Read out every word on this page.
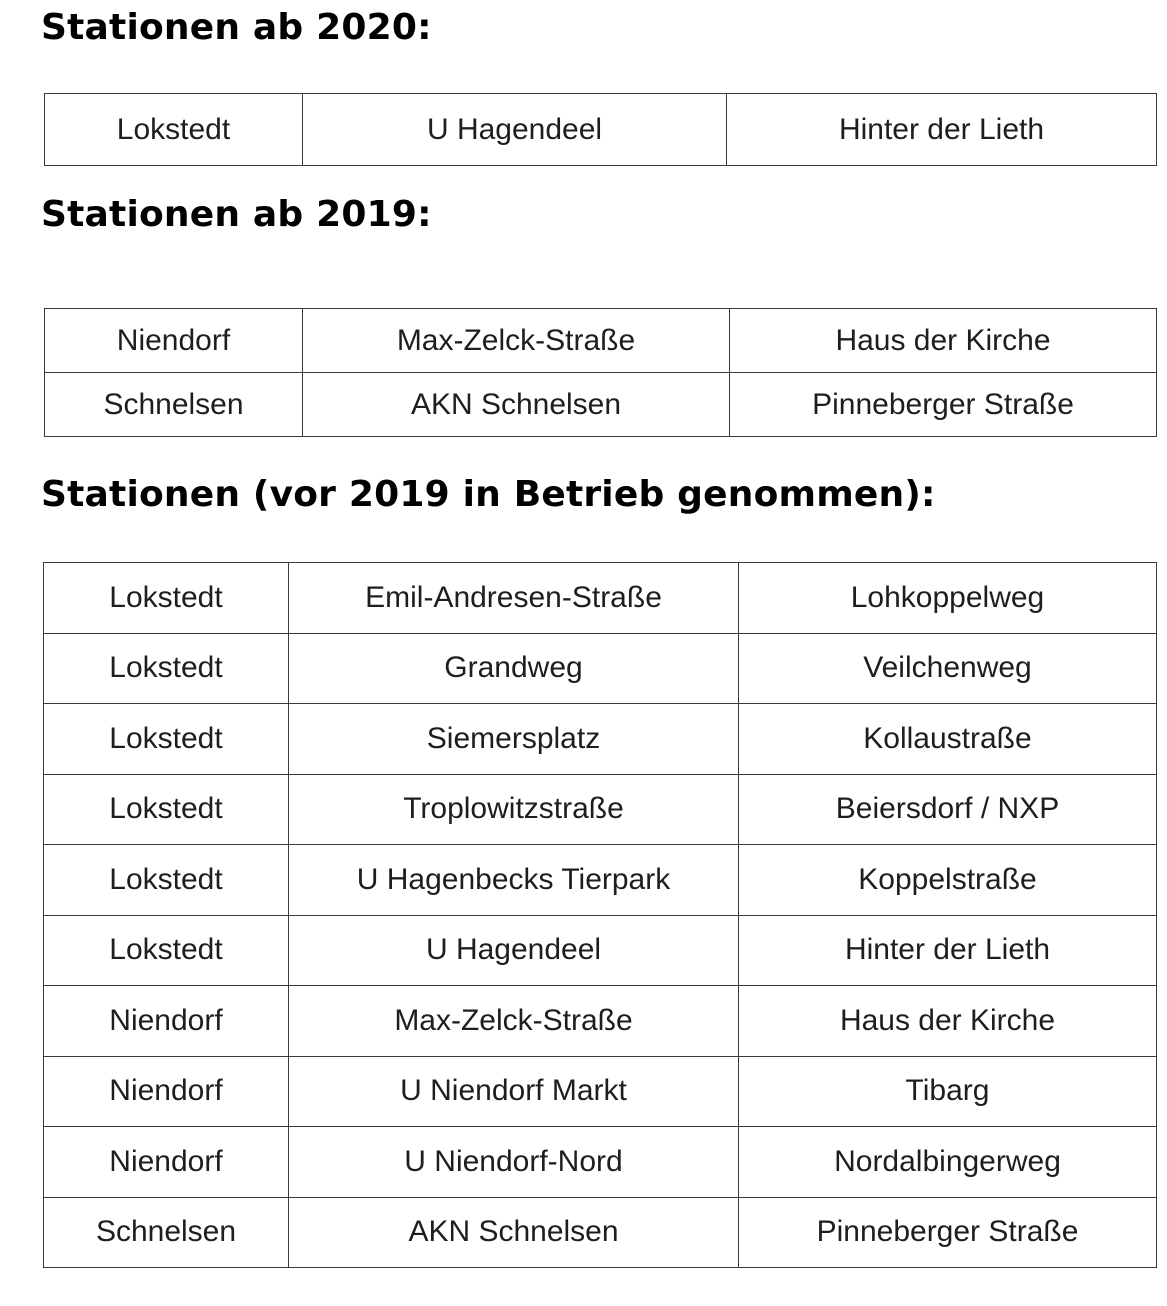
Stationen ab 2020:
Lokstedt	U Hagendeel	Hinter der Lieth
Stationen ab 2019:
Niendorf	Max-Zelck-Straße	Haus der Kirche
Schnelsen	AKN Schnelsen	Pinneberger Straße
Stationen (vor 2019 in Betrieb genommen):
Lokstedt	Emil-Andresen-Straße	Lohkoppelweg
Lokstedt	Grandweg	Veilchenweg
Lokstedt	Siemersplatz	Kollaustraße
Lokstedt	Troplowitzstraße	Beiersdorf / NXP
Lokstedt	U Hagenbecks Tierpark	Koppelstraße
Lokstedt	U Hagendeel	Hinter der Lieth
Niendorf	Max-Zelck-Straße	Haus der Kirche
Niendorf	U Niendorf Markt	Tibarg
Niendorf	U Niendorf-Nord	Nordalbingerweg
Schnelsen	AKN Schnelsen	Pinneberger Straße
